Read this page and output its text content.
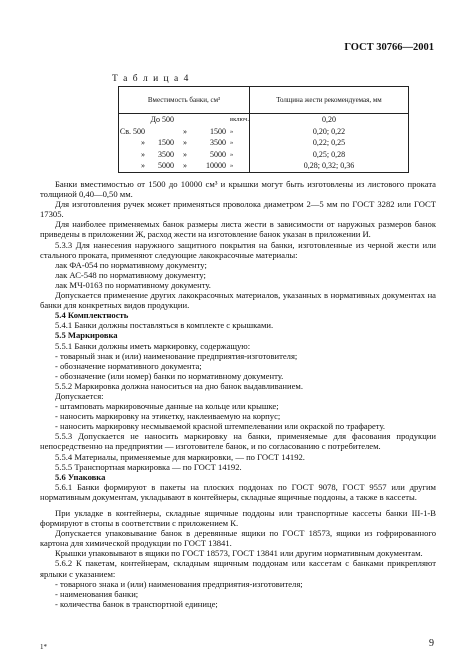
ГОСТ 30766—2001
Т а б л и ц а 4
Вместимость банки, см³	Толщина жести рекомендуемая, мм

До 500 включ.	0,20

Св. 500 » 1500 »	0,20; 0,22

» 1500 » 3500 »	0,22; 0,25

» 3500 » 5000 »	0,25; 0,28

» 5000 » 10000 »	0,28; 0,32; 0,36

Банки вместимостью от 1500 до 10000 см³ и крышки могут быть изготовлены из листового проката толщиной 0,40—0,50 мм.

Для изготовления ручек может применяться проволока диаметром 2—5 мм по ГОСТ 3282 или ГОСТ 17305.

Для наиболее применяемых банок размеры листа жести в зависимости от наружных размеров банок приведены в приложении Ж, расход жести на изготовление банок указан в приложении И.

5.3.3 Для нанесения наружного защитного покрытия на банки, изготовленные из черной жести или стального проката, применяют следующие лакокрасочные материалы:

лак ФА-054 по нормативному документу;

лак АС-548 по нормативному документу;

лак МЧ-0163 по нормативному документу.

Допускается применение других лакокрасочных материалов, указанных в нормативных документах на банки для конкретных видов продукции.

5.4 Комплектность

5.4.1 Банки должны поставляться в комплекте с крышками.

5.5 Маркировка

5.5.1 Банки должны иметь маркировку, содержащую:

- товарный знак и (или) наименование предприятия-изготовителя;

- обозначение нормативного документа;

- обозначение (или номер) банки по нормативному документу.

5.5.2 Маркировка должна наноситься на дно банок выдавливанием.

Допускается:

- штамповать маркировочные данные на кольце или крышке;

- наносить маркировку на этикетку, наклеиваемую на корпус;

- наносить маркировку несмываемой красной штемпелевании или окраской по трафарету.

5.5.3 Допускается не наносить маркировку на банки, применяемые для фасования продукции непосредственно на предприятии — изготовителе банок, и по согласованию с потребителем.

5.5.4 Материалы, применяемые для маркировки, — по ГОСТ 14192.

5.5.5 Транспортная маркировка — по ГОСТ 14192.

5.6 Упаковка

5.6.1 Банки формируют в пакеты на плоских поддонах по ГОСТ 9078, ГОСТ 9557 или другим нормативным документам, укладывают в контейнеры, складные ящичные поддоны, а также в кассеты.

При укладке в контейнеры, складные ящичные поддоны или транспортные кассеты банки III-1-В формируют в стопы в соответствии с приложением К.

Допускается упаковывание банок в деревянные ящики по ГОСТ 18573, ящики из гофрированного картона для химической продукции по ГОСТ 13841.

Крышки упаковывают в ящики по ГОСТ 18573, ГОСТ 13841 или другим нормативным документам.

5.6.2 К пакетам, контейнерам, складным ящичным поддонам или кассетам с банками прикрепляют ярлыки с указанием:

- товарного знака и (или) наименования предприятия-изготовителя;

- наименования банки;

- количества банок в транспортной единице;

1*	9
